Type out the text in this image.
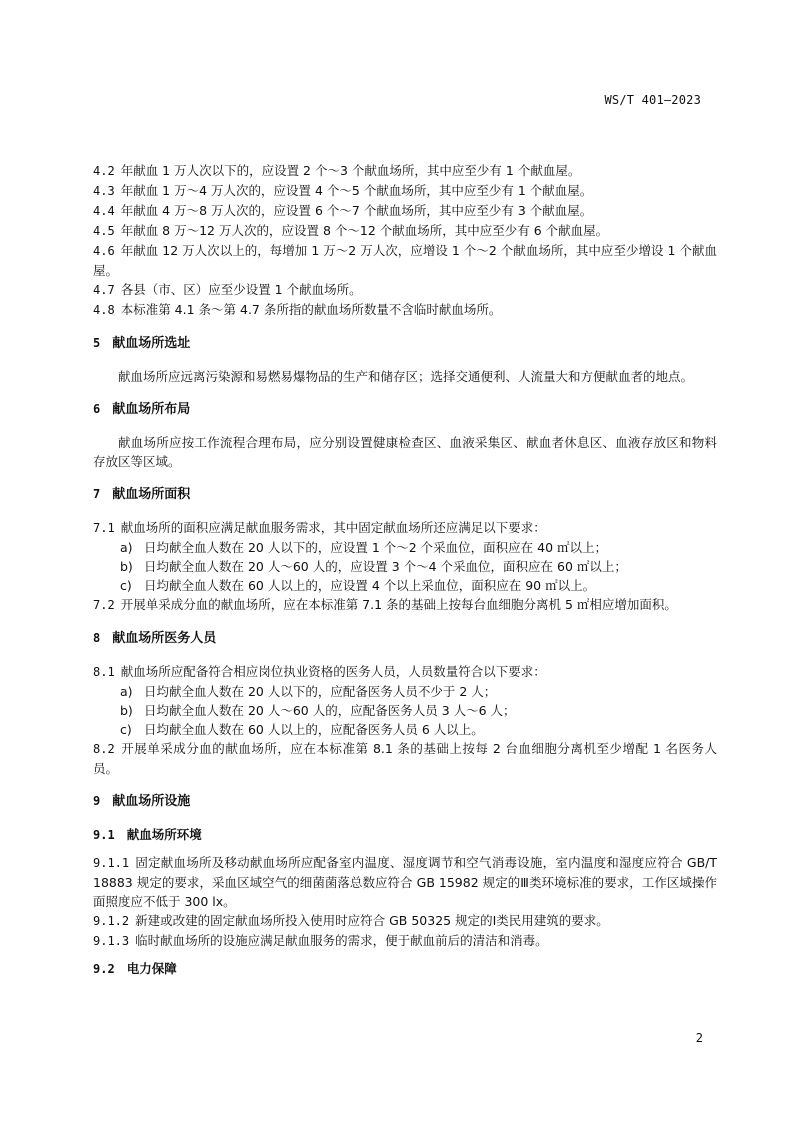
WS/T 401—2023
4.2 年献血 1 万人次以下的，应设置 2 个～3 个献血场所，其中应至少有 1 个献血屋。
4.3 年献血 1 万～4 万人次的，应设置 4 个～5 个献血场所，其中应至少有 1 个献血屋。
4.4 年献血 4 万～8 万人次的，应设置 6 个～7 个献血场所，其中应至少有 3 个献血屋。
4.5 年献血 8 万～12 万人次的，应设置 8 个～12 个献血场所，其中应至少有 6 个献血屋。
4.6 年献血 12 万人次以上的，每增加 1 万～2 万人次，应增设 1 个～2 个献血场所，其中应至少增设 1 个献血屋。
4.7 各县（市、区）应至少设置 1 个献血场所。
4.8 本标准第 4.1 条～第 4.7 条所指的献血场所数量不含临时献血场所。
5 献血场所选址
献血场所应远离污染源和易燃易爆物品的生产和储存区；选择交通便利、人流量大和方便献血者的地点。
6 献血场所布局
献血场所应按工作流程合理布局，应分别设置健康检查区、血液采集区、献血者休息区、血液存放区和物料存放区等区域。
7 献血场所面积
7.1 献血场所的面积应满足献血服务需求，其中固定献血场所还应满足以下要求：
a) 日均献全血人数在 20 人以下的，应设置 1 个～2 个采血位，面积应在 40 ㎡以上；
b) 日均献全血人数在 20 人～60 人的，应设置 3 个～4 个采血位，面积应在 60 ㎡以上；
c) 日均献全血人数在 60 人以上的，应设置 4 个以上采血位，面积应在 90 ㎡以上。
7.2 开展单采成分血的献血场所，应在本标准第 7.1 条的基础上按每台血细胞分离机 5 ㎡相应增加面积。
8 献血场所医务人员
8.1 献血场所应配备符合相应岗位执业资格的医务人员，人员数量符合以下要求：
a) 日均献全血人数在 20 人以下的，应配备医务人员不少于 2 人；
b) 日均献全血人数在 20 人～60 人的，应配备医务人员 3 人～6 人；
c) 日均献全血人数在 60 人以上的，应配备医务人员 6 人以上。
8.2 开展单采成分血的献血场所，应在本标准第 8.1 条的基础上按每 2 台血细胞分离机至少增配 1 名医务人员。
9 献血场所设施
9.1 献血场所环境
9.1.1 固定献血场所及移动献血场所应配备室内温度、湿度调节和空气消毒设施，室内温度和湿度应符合 GB/T 18883 规定的要求，采血区域空气的细菌菌落总数应符合 GB 15982 规定的Ⅲ类环境标准的要求，工作区域操作面照度应不低于 300 lx。
9.1.2 新建或改建的固定献血场所投入使用时应符合 GB 50325 规定的Ⅰ类民用建筑的要求。
9.1.3 临时献血场所的设施应满足献血服务的需求，便于献血前后的清洁和消毒。
9.2 电力保障
2
